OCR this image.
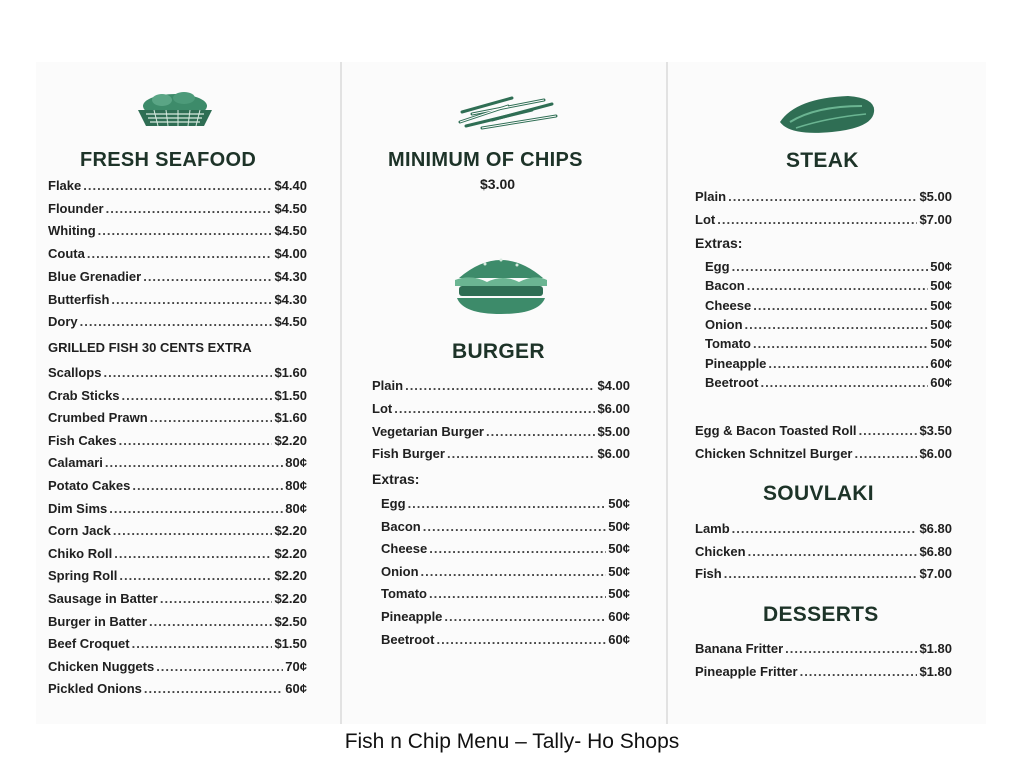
FRESH SEAFOOD
Flake .....	$4.40
Flounder .....	$4.50
Whiting .....	$4.50
Couta .....	$4.00
Blue Grenadier .....	$4.30
Butterfish .....	$4.30
Dory .....	$4.50
GRILLED FISH 30 CENTS EXTRA
Scallops .....	$1.60
Crab Sticks .....	$1.50
Crumbed Prawn .....	$1.60
Fish Cakes .....	$2.20
Calamari .....	80¢
Potato Cakes .....	80¢
Dim Sims .....	80¢
Corn Jack .....	$2.20
Chiko Roll .....	$2.20
Spring Roll .....	$2.20
Sausage in Batter .....	$2.20
Burger in Batter .....	$2.50
Beef Croquet .....	$1.50
Chicken Nuggets .....	70¢
Pickled Onions .....	60¢
MINIMUM OF CHIPS
$3.00
BURGER
Plain .....	$4.00
Lot .....	$6.00
Vegetarian Burger .....	$5.00
Fish Burger .....	$6.00
Extras:
Egg .....	50¢
Bacon .....	50¢
Cheese .....	50¢
Onion .....	50¢
Tomato .....	50¢
Pineapple .....	60¢
Beetroot .....	60¢
STEAK
Plain .....	$5.00
Lot .....	$7.00
Extras:
Egg .....	50¢
Bacon .....	50¢
Cheese .....	50¢
Onion .....	50¢
Tomato .....	50¢
Pineapple .....	60¢
Beetroot .....	60¢
Egg & Bacon Toasted Roll .....	$3.50
Chicken Schnitzel Burger .....	$6.00
SOUVLAKI
Lamb .....	$6.80
Chicken .....	$6.80
Fish .....	$7.00
DESSERTS
Banana Fritter .....	$1.80
Pineapple Fritter .....	$1.80
Fish n Chip Menu – Tally- Ho Shops
